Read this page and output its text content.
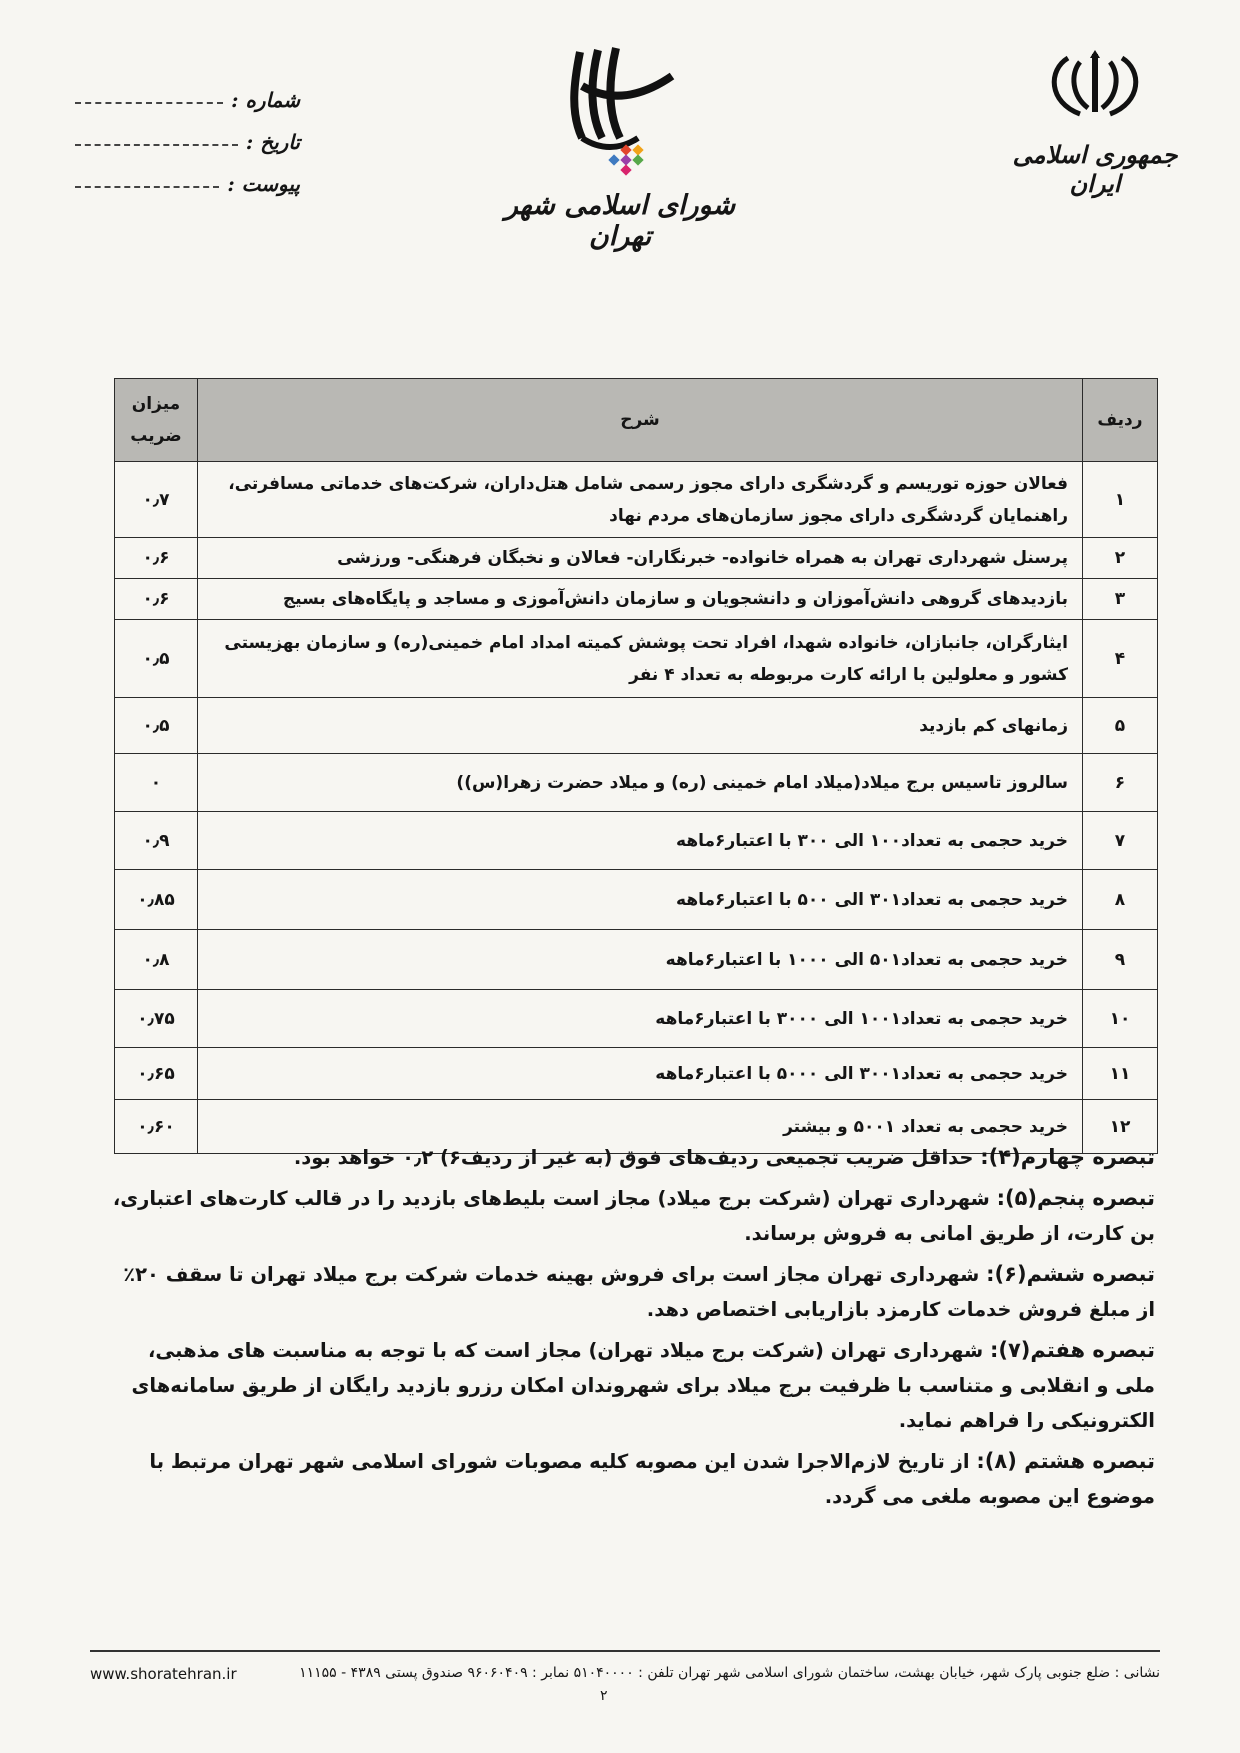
جمهوری اسلامی ایران
شورای اسلامی شهر تهران
شماره :
تاریخ :
پیوست :
ردیف	شرح	میزان ضریب
۱	فعالان حوزه توریسم و گردشگری دارای مجوز رسمی شامل هتل‌داران، شرکت‌های خدماتی مسافرتی، راهنمایان گردشگری دارای مجوز سازمان‌های مردم نهاد	۰٫۷
۲	پرسنل شهرداری تهران به همراه خانواده- خبرنگاران- فعالان و نخبگان فرهنگی- ورزشی	۰٫۶
۳	بازدیدهای گروهی دانش‌آموزان و دانشجویان و سازمان دانش‌آموزی و مساجد و پایگاه‌های بسیج	۰٫۶
۴	ایثارگران، جانبازان، خانواده شهدا، افراد تحت پوشش کمیته امداد امام خمینی(ره) و سازمان بهزیستی کشور و معلولین با ارائه کارت مربوطه به تعداد ۴ نفر	۰٫۵
۵	زمانهای کم بازدید	۰٫۵
۶	سالروز تاسیس برج میلاد(میلاد امام خمینی (ره) و میلاد حضرت زهرا(س))	۰
۷	خرید حجمی به تعداد۱۰۰ الی ۳۰۰ با اعتبار۶ماهه	۰٫۹
۸	خرید حجمی به تعداد۳۰۱ الی ۵۰۰ با اعتبار۶ماهه	۰٫۸۵
۹	خرید حجمی به تعداد۵۰۱ الی ۱۰۰۰ با اعتبار۶ماهه	۰٫۸
۱۰	خرید حجمی به تعداد۱۰۰۱ الی ۳۰۰۰ با اعتبار۶ماهه	۰٫۷۵
۱۱	خرید حجمی به تعداد۳۰۰۱ الی ۵۰۰۰ با اعتبار۶ماهه	۰٫۶۵
۱۲	خرید حجمی به تعداد ۵۰۰۱ و بیشتر	۰٫۶۰

تبصره چهارم(۴): حداقل ضریب تجمیعی ردیف‌های فوق (به غیر از ردیف۶) ۰٫۲ خواهد بود.

تبصره پنجم(۵): شهرداری تهران (شرکت برج میلاد) مجاز است بلیط‌های بازدید را در قالب کارت‌های اعتباری، بن کارت، از طریق امانی به فروش برساند.

تبصره ششم(۶): شهرداری تهران مجاز است برای فروش بهینه خدمات شرکت برج میلاد تهران تا سقف ۲۰٪ از مبلغ فروش خدمات کارمزد بازاریابی اختصاص دهد.

تبصره هفتم(۷): شهرداری تهران (شرکت برج میلاد تهران) مجاز است که با توجه به مناسبت های مذهبی، ملی و انقلابی و متناسب با ظرفیت برج میلاد برای شهروندان امکان رزرو بازدید رایگان از طریق سامانه‌های الکترونیکی را فراهم نماید.

تبصره هشتم (۸): از تاریخ لازم‌الاجرا شدن این مصوبه کلیه مصوبات شورای اسلامی شهر تهران مرتبط با موضوع این مصوبه ملغی می گردد.

نشانی : ضلع جنوبی پارک شهر، خیابان بهشت، ساختمان شورای اسلامی شهر تهران تلفن : ۵۱۰۴۰۰۰۰ نمابر : ۹۶۰۶۰۴۰۹ صندوق پستی ۴۳۸۹ - ۱۱۱۵۵
www.shoratehran.ir
۲
